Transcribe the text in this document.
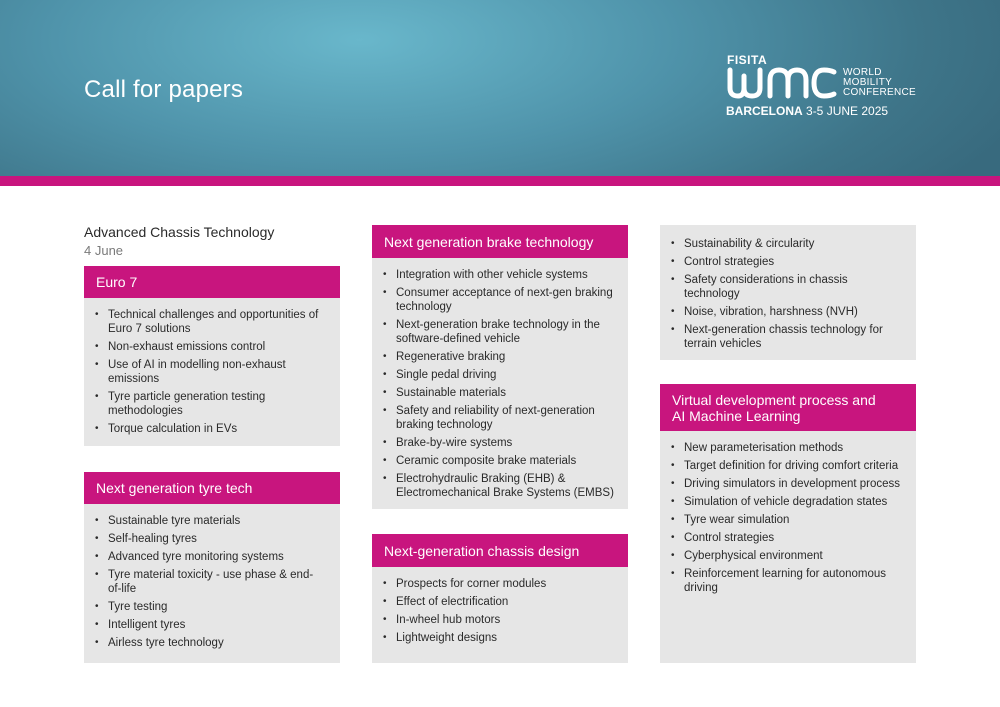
Call for papers
FISITA
WORLD
MOBILITY
CONFERENCE
BARCELONA 3-5 JUNE 2025
Advanced Chassis Technology
4 June
Euro 7
• Technical challenges and opportunities of Euro 7 solutions
• Non-exhaust emissions control
• Use of AI in modelling non-exhaust emissions
• Tyre particle generation testing methodologies
• Torque calculation in EVs
Next generation tyre tech
• Sustainable tyre materials
• Self-healing tyres
• Advanced tyre monitoring systems
• Tyre material toxicity - use phase & end-of-life
• Tyre testing
• Intelligent tyres
• Airless tyre technology
Next generation brake technology
• Integration with other vehicle systems
• Consumer acceptance of next-gen braking technology
• Next-generation brake technology in the software-defined vehicle
• Regenerative braking
• Single pedal driving
• Sustainable materials
• Safety and reliability of next-generation braking technology
• Brake-by-wire systems
• Ceramic composite brake materials
• Electrohydraulic Braking (EHB) & Electromechanical Brake Systems (EMBS)
Next-generation chassis design
• Prospects for corner modules
• Effect of electrification
• In-wheel hub motors
• Lightweight designs
• Sustainability & circularity
• Control strategies
• Safety considerations in chassis technology
• Noise, vibration, harshness (NVH)
• Next-generation chassis technology for terrain vehicles
Virtual development process and
AI Machine Learning
• New parameterisation methods
• Target definition for driving comfort criteria
• Driving simulators in development process
• Simulation of vehicle degradation states
• Tyre wear simulation
• Control strategies
• Cyberphysical environment
• Reinforcement learning for autonomous driving
